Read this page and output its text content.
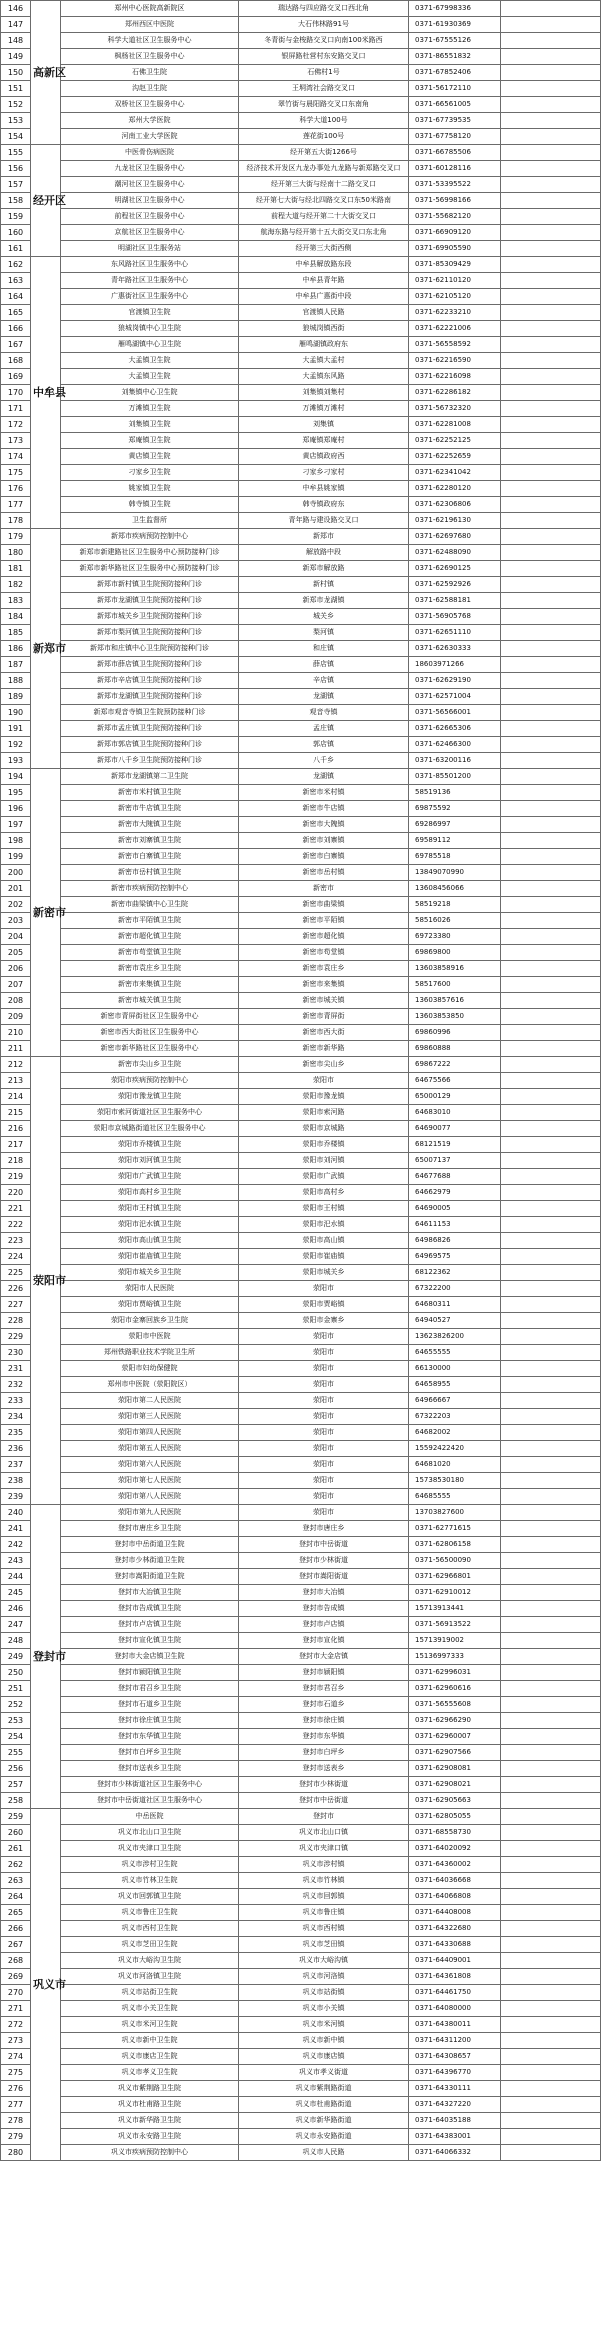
146	高新区	郑州中心医院高新院区	瑞达路与四应路交叉口西北角	0371-67998336	
147		郑州西区中医院	大石伟林路91号	0371-61930369	
148		科学大道社区卫生服务中心	冬青街与金梭路交叉口向南100米路西	0371-67555126	
149		枫杨社区卫生服务中心	银屏路杜营村东安路交叉口	0371-86551832	
150		石佛卫生院	石佛村1号	0371-67852406	
151		沟赵卫生院	王垌湾社会路交叉口	0371-56172110	
152		双桥社区卫生服务中心	翠竹街与晨阳路交叉口东南角	0371-66561005	
153		郑州大学医院	科学大道100号	0371-67739535	
154		河南工业大学医院	莲花街100号	0371-67758120	
155	经开区	中医骨伤病医院	经开第五大街1266号	0371-66785506	
156		九龙社区卫生服务中心	经济技术开发区九龙办事处九龙路与新郑路交叉口	0371-60128116	
157		潮河社区卫生服务中心	经开第三大街与经南十二路交叉口	0371-53395522	
158		明湖社区卫生服务中心	经开第七大街与经北四路交叉口东50米路南	0371-56998166	
159		前程社区卫生服务中心	前程大道与经开第二十大街交叉口	0371-55682120	
160		京航社区卫生服务中心	航海东路与经开第十五大街交叉口东北角	0371-66909120	
161		明湖社区卫生服务站	经开第三大街西侧	0371-69905590	
162	中牟县	东风路社区卫生服务中心	中牟县解放路东段	0371-85309429	
163		青年路社区卫生服务中心	中牟县青年路	0371-62110120	
164		广惠街社区卫生服务中心	中牟县广惠街中段	0371-62105120	
165		官渡镇卫生院	官渡镇人民路	0371-62233210	
166		狼城岗镇中心卫生院	狼城岗镇西街	0371-62221006	
167		雁鸣湖镇中心卫生院	雁鸣湖镇政府东	0371-56558592	
168		大孟镇卫生院	大孟镇大孟村	0371-62216590	
169		大孟镇卫生院	大孟镇东风路	0371-62216098	
170		刘集镇中心卫生院	刘集镇刘集村	0371-62286182	
171		万滩镇卫生院	万滩镇万滩村	0371-56732320	
172		刘集镇卫生院	刘集镇	0371-62281008	
173		郑庵镇卫生院	郑庵镇郑庵村	0371-62252125	
174		黄店镇卫生院	黄店镇政府西	0371-62252659	
175		刁家乡卫生院	刁家乡刁家村	0371-62341042	
176		姚家镇卫生院	中牟县姚家镇	0371-62280120	
177		韩寺镇卫生院	韩寺镇政府东	0371-62306806	
178		卫生监督所	青年路与建设路交叉口	0371-62196130	
179	新郑市	新郑市疾病预防控制中心	新郑市	0371-62697680	
180		新郑市新建路社区卫生服务中心预防接种门诊	解放路中段	0371-62488090	
181		新郑市新华路社区卫生服务中心预防接种门诊	新郑市解放路	0371-62690125	
182		新郑市新村镇卫生院预防接种门诊	新村镇	0371-62592926	
183		新郑市龙湖镇卫生院预防接种门诊	新郑市龙湖镇	0371-62588181	
184		新郑市城关乡卫生院预防接种门诊	城关乡	0371-56905768	
185		新郑市梨河镇卫生院预防接种门诊	梨河镇	0371-62651110	
186		新郑市和庄镇中心卫生院预防接种门诊	和庄镇	0371-62630333	
187		新郑市薛店镇卫生院预防接种门诊	薛店镇	18603971266	
188		新郑市辛店镇卫生院预防接种门诊	辛店镇	0371-62629190	
189		新郑市龙湖镇卫生院预防接种门诊	龙湖镇	0371-62571004	
190		新郑市观音寺镇卫生院预防接种门诊	观音寺镇	0371-56566001	
191		新郑市孟庄镇卫生院预防接种门诊	孟庄镇	0371-62665306	
192		新郑市郭店镇卫生院预防接种门诊	郭店镇	0371-62466300	
193		新郑市八千乡卫生院预防接种门诊	八千乡	0371-63200116	
194	新密市	新郑市龙湖镇第二卫生院	龙湖镇	0371-85501200	
195		新密市米村镇卫生院	新密市米村镇	58519136	
196		新密市牛店镇卫生院	新密市牛店镇	69875592	
197		新密市大隗镇卫生院	新密市大隗镇	69286997	
198		新密市刘寨镇卫生院	新密市刘寨镇	69589112	
199		新密市白寨镇卫生院	新密市白寨镇	69785518	
200		新密市岳村镇卫生院	新密市岳村镇	13849070990	
201		新密市疾病预防控制中心	新密市	13608456066	
202		新密市曲梁镇中心卫生院	新密市曲梁镇	58519218	
203		新密市平陌镇卫生院	新密市平陌镇	58516026	
204		新密市超化镇卫生院	新密市超化镇	69723380	
205		新密市苟堂镇卫生院	新密市苟堂镇	69869800	
206		新密市袁庄乡卫生院	新密市袁庄乡	13603858916	
207		新密市来集镇卫生院	新密市来集镇	58517600	
208		新密市城关镇卫生院	新密市城关镇	13603857616	
209		新密市青屏街社区卫生服务中心	新密市青屏街	13603853850	
210		新密市西大街社区卫生服务中心	新密市西大街	69860996	
211		新密市新华路社区卫生服务中心	新密市新华路	69860888	
212	荥阳市	新密市尖山乡卫生院	新密市尖山乡	69867222	
213		荥阳市疾病预防控制中心	荥阳市	64675566	
214		荥阳市豫龙镇卫生院	荥阳市豫龙镇	65000129	
215		荥阳市索河街道社区卫生服务中心	荥阳市索河路	64683010	
216		荥阳市京城路街道社区卫生服务中心	荥阳市京城路	64690077	
217		荥阳市乔楼镇卫生院	荥阳市乔楼镇	68121519	
218		荥阳市刘河镇卫生院	荥阳市刘河镇	65007137	
219		荥阳市广武镇卫生院	荥阳市广武镇	64677688	
220		荥阳市高村乡卫生院	荥阳市高村乡	64662979	
221		荥阳市王村镇卫生院	荥阳市王村镇	64690005	
222		荥阳市汜水镇卫生院	荥阳市汜水镇	64611153	
223		荥阳市高山镇卫生院	荥阳市高山镇	64986826	
224		荥阳市崔庙镇卫生院	荥阳市崔庙镇	64969575	
225		荥阳市城关乡卫生院	荥阳市城关乡	68122362	
226		荥阳市人民医院	荥阳市	67322200	
227		荥阳市贾峪镇卫生院	荥阳市贾峪镇	64680311	
228		荥阳市金寨回族乡卫生院	荥阳市金寨乡	64940527	
229		荥阳市中医院	荥阳市	13623826200	
230		郑州铁路职业技术学院卫生所	荥阳市	64655555	
231		荥阳市妇幼保健院	荥阳市	66130000	
232		郑州市中医院（荥阳院区）	荥阳市	64658955	
233		荥阳市第二人民医院	荥阳市	64966667	
234		荥阳市第三人民医院	荥阳市	67322203	
235		荥阳市第四人民医院	荥阳市	64682002	
236		荥阳市第五人民医院	荥阳市	15592422420	
237		荥阳市第六人民医院	荥阳市	64681020	
238		荥阳市第七人民医院	荥阳市	15738530180	
239		荥阳市第八人民医院	荥阳市	64685555	
240	登封市	荥阳市第九人民医院	荥阳市	13703827600	
241		登封市唐庄乡卫生院	登封市唐庄乡	0371-62771615	
242		登封市中岳街道卫生院	登封市中岳街道	0371-62806158	
243		登封市少林街道卫生院	登封市少林街道	0371-56500090	
244		登封市嵩阳街道卫生院	登封市嵩阳街道	0371-62966801	
245		登封市大冶镇卫生院	登封市大冶镇	0371-62910012	
246		登封市告成镇卫生院	登封市告成镇	15713913441	
247		登封市卢店镇卫生院	登封市卢店镇	0371-56913522	
248		登封市宣化镇卫生院	登封市宣化镇	15713919002	
249		登封市大金店镇卫生院	登封市大金店镇	15136997333	
250		登封市颍阳镇卫生院	登封市颍阳镇	0371-62996031	
251		登封市君召乡卫生院	登封市君召乡	0371-62960616	
252		登封市石道乡卫生院	登封市石道乡	0371-56555608	
253		登封市徐庄镇卫生院	登封市徐庄镇	0371-62966290	
254		登封市东华镇卫生院	登封市东华镇	0371-62960007	
255		登封市白坪乡卫生院	登封市白坪乡	0371-62907566	
256		登封市送表乡卫生院	登封市送表乡	0371-62908081	
257		登封市少林街道社区卫生服务中心	登封市少林街道	0371-62908021	
258		登封市中岳街道社区卫生服务中心	登封市中岳街道	0371-62905663	
259	巩义市	中岳医院	登封市	0371-62805055	
260		巩义市北山口卫生院	巩义市北山口镇	0371-68558730	
261		巩义市夹津口卫生院	巩义市夹津口镇	0371-64020092	
262		巩义市涉村卫生院	巩义市涉村镇	0371-64360002	
263		巩义市竹林卫生院	巩义市竹林镇	0371-64036668	
264		巩义市回郭镇卫生院	巩义市回郭镇	0371-64066808	
265		巩义市鲁庄卫生院	巩义市鲁庄镇	0371-64408008	
266		巩义市西村卫生院	巩义市西村镇	0371-64322680	
267		巩义市芝田卫生院	巩义市芝田镇	0371-64330688	
268		巩义市大峪沟卫生院	巩义市大峪沟镇	0371-64409001	
269		巩义市河洛镇卫生院	巩义市河洛镇	0371-64361808	
270		巩义市站街卫生院	巩义市站街镇	0371-64461750	
271		巩义市小关卫生院	巩义市小关镇	0371-64080000	
272		巩义市米河卫生院	巩义市米河镇	0371-64380011	
273		巩义市新中卫生院	巩义市新中镇	0371-64311200	
274		巩义市康店卫生院	巩义市康店镇	0371-64308657	
275		巩义市孝义卫生院	巩义市孝义街道	0371-64396770	
276		巩义市紫荆路卫生院	巩义市紫荆路街道	0371-64330111	
277		巩义市杜甫路卫生院	巩义市杜甫路街道	0371-64327220	
278		巩义市新华路卫生院	巩义市新华路街道	0371-64035188	
279		巩义市永安路卫生院	巩义市永安路街道	0371-64383001	
280		巩义市疾病预防控制中心	巩义市人民路	0371-64066332	
